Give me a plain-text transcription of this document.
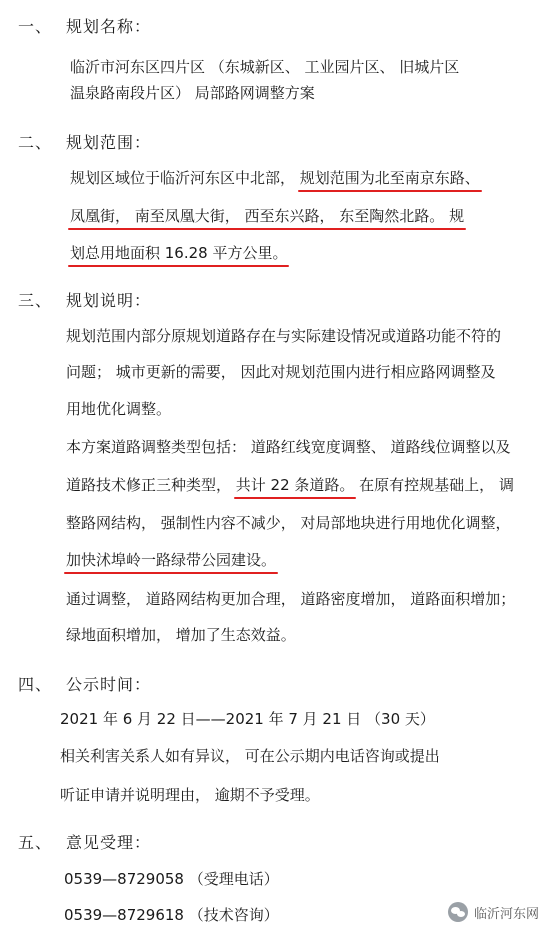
一、 规划名称：
临沂市河东区四片区 （东城新区、 工业园片区、 旧城片区
温泉路南段片区） 局部路网调整方案
二、 规划范围：
规划区域位于临沂河东区中北部， 规划范围为北至南京东路、
凤凰街， 南至凤凰大街， 西至东兴路， 东至陶然北路。 规
划总用地面积 16.28 平方公里。
三、 规划说明：
规划范围内部分原规划道路存在与实际建设情况或道路功能不符的
问题； 城市更新的需要， 因此对规划范围内进行相应路网调整及
用地优化调整。
本方案道路调整类型包括： 道路红线宽度调整、 道路线位调整以及
道路技术修正三种类型， 共计 22 条道路。 在原有控规基础上， 调
整路网结构， 强制性内容不减少， 对局部地块进行用地优化调整，
加快沭埠岭一路绿带公园建设。
通过调整， 道路网结构更加合理， 道路密度增加， 道路面积增加；
绿地面积增加， 增加了生态效益。
四、 公示时间：
2021 年 6 月 22 日——2021 年 7 月 21 日 （30 天）
相关利害关系人如有异议， 可在公示期内电话咨询或提出
听证申请并说明理由， 逾期不予受理。
五、 意见受理：
0539—8729058 （受理电话）
0539—8729618 （技术咨询）	临沂河东网
